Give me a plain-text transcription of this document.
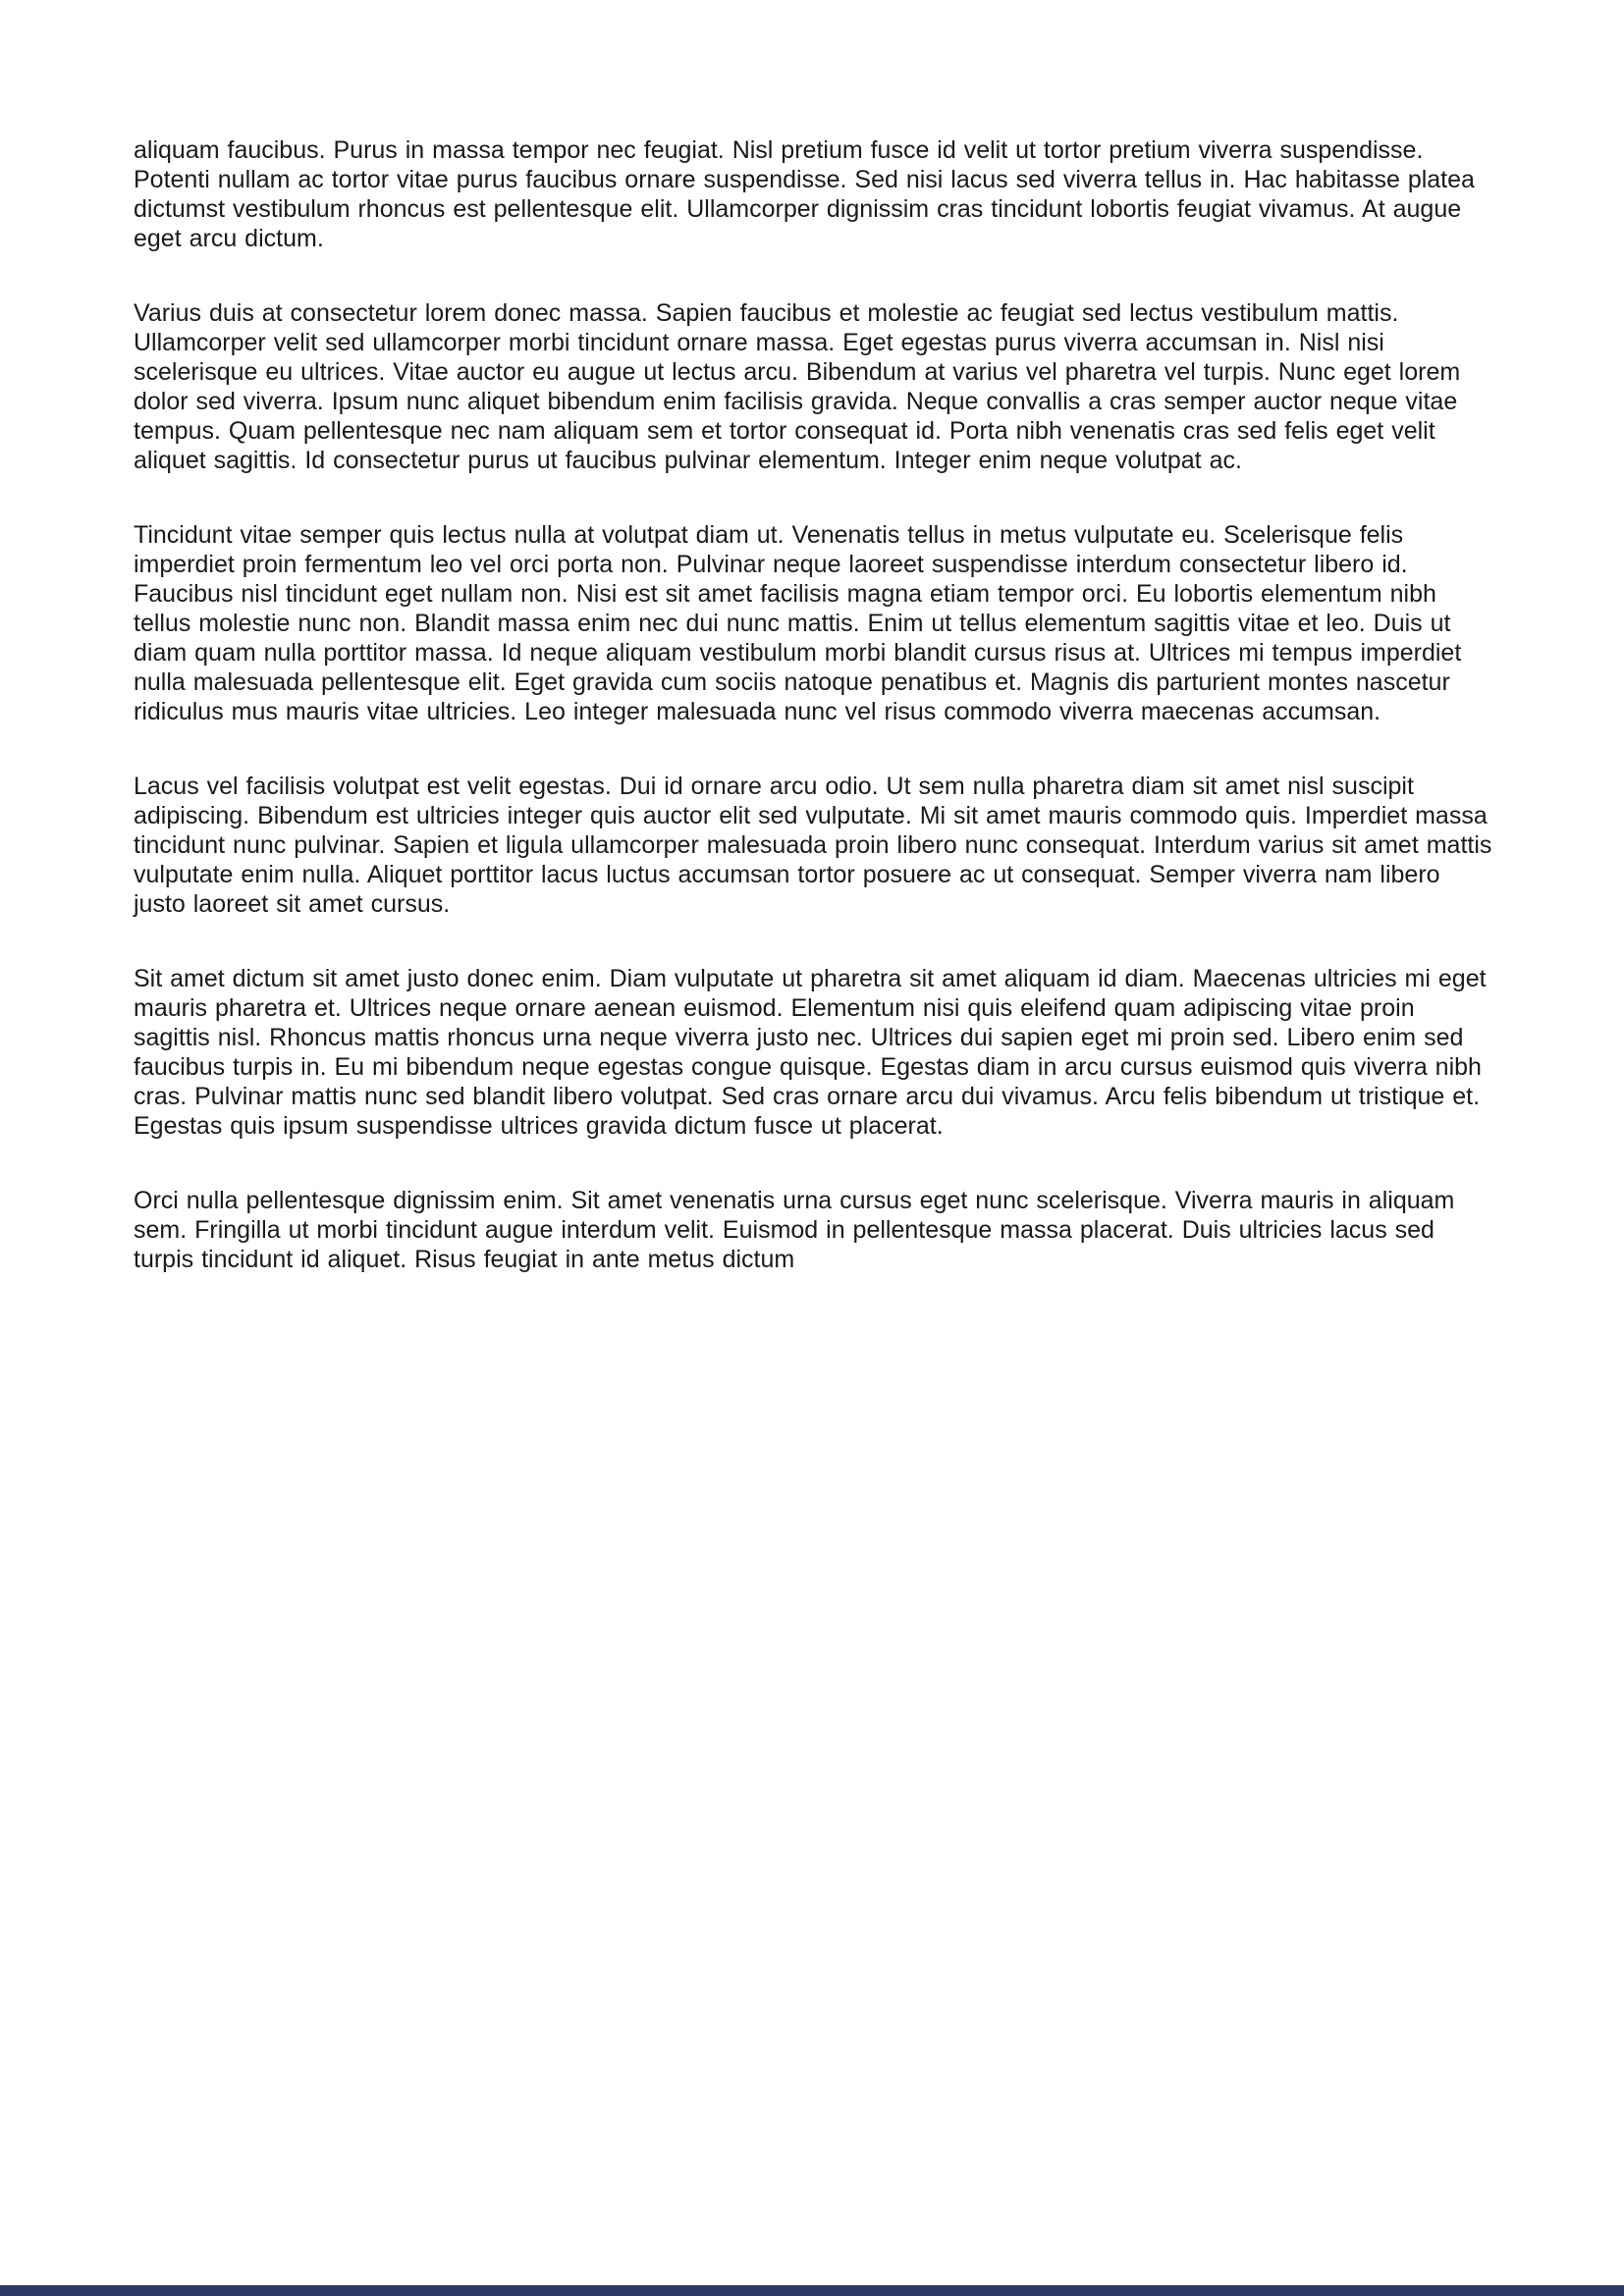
aliquam faucibus. Purus in massa tempor nec feugiat. Nisl pretium fusce id velit ut tortor pretium viverra suspendisse. Potenti nullam ac tortor vitae purus faucibus ornare suspendisse. Sed nisi lacus sed viverra tellus in. Hac habitasse platea dictumst vestibulum rhoncus est pellentesque elit. Ullamcorper dignissim cras tincidunt lobortis feugiat vivamus. At augue eget arcu dictum.

Varius duis at consectetur lorem donec massa. Sapien faucibus et molestie ac feugiat sed lectus vestibulum mattis. Ullamcorper velit sed ullamcorper morbi tincidunt ornare massa. Eget egestas purus viverra accumsan in. Nisl nisi scelerisque eu ultrices. Vitae auctor eu augue ut lectus arcu. Bibendum at varius vel pharetra vel turpis. Nunc eget lorem dolor sed viverra. Ipsum nunc aliquet bibendum enim facilisis gravida. Neque convallis a cras semper auctor neque vitae tempus. Quam pellentesque nec nam aliquam sem et tortor consequat id. Porta nibh venenatis cras sed felis eget velit aliquet sagittis. Id consectetur purus ut faucibus pulvinar elementum. Integer enim neque volutpat ac.

Tincidunt vitae semper quis lectus nulla at volutpat diam ut. Venenatis tellus in metus vulputate eu. Scelerisque felis imperdiet proin fermentum leo vel orci porta non. Pulvinar neque laoreet suspendisse interdum consectetur libero id. Faucibus nisl tincidunt eget nullam non. Nisi est sit amet facilisis magna etiam tempor orci. Eu lobortis elementum nibh tellus molestie nunc non. Blandit massa enim nec dui nunc mattis. Enim ut tellus elementum sagittis vitae et leo. Duis ut diam quam nulla porttitor massa. Id neque aliquam vestibulum morbi blandit cursus risus at. Ultrices mi tempus imperdiet nulla malesuada pellentesque elit. Eget gravida cum sociis natoque penatibus et. Magnis dis parturient montes nascetur ridiculus mus mauris vitae ultricies. Leo integer malesuada nunc vel risus commodo viverra maecenas accumsan.

Lacus vel facilisis volutpat est velit egestas. Dui id ornare arcu odio. Ut sem nulla pharetra diam sit amet nisl suscipit adipiscing. Bibendum est ultricies integer quis auctor elit sed vulputate. Mi sit amet mauris commodo quis. Imperdiet massa tincidunt nunc pulvinar. Sapien et ligula ullamcorper malesuada proin libero nunc consequat. Interdum varius sit amet mattis vulputate enim nulla. Aliquet porttitor lacus luctus accumsan tortor posuere ac ut consequat. Semper viverra nam libero justo laoreet sit amet cursus.

Sit amet dictum sit amet justo donec enim. Diam vulputate ut pharetra sit amet aliquam id diam. Maecenas ultricies mi eget mauris pharetra et. Ultrices neque ornare aenean euismod. Elementum nisi quis eleifend quam adipiscing vitae proin sagittis nisl. Rhoncus mattis rhoncus urna neque viverra justo nec. Ultrices dui sapien eget mi proin sed. Libero enim sed faucibus turpis in. Eu mi bibendum neque egestas congue quisque. Egestas diam in arcu cursus euismod quis viverra nibh cras. Pulvinar mattis nunc sed blandit libero volutpat. Sed cras ornare arcu dui vivamus. Arcu felis bibendum ut tristique et. Egestas quis ipsum suspendisse ultrices gravida dictum fusce ut placerat.

Orci nulla pellentesque dignissim enim. Sit amet venenatis urna cursus eget nunc scelerisque. Viverra mauris in aliquam sem. Fringilla ut morbi tincidunt augue interdum velit. Euismod in pellentesque massa placerat. Duis ultricies lacus sed turpis tincidunt id aliquet. Risus feugiat in ante metus dictum
